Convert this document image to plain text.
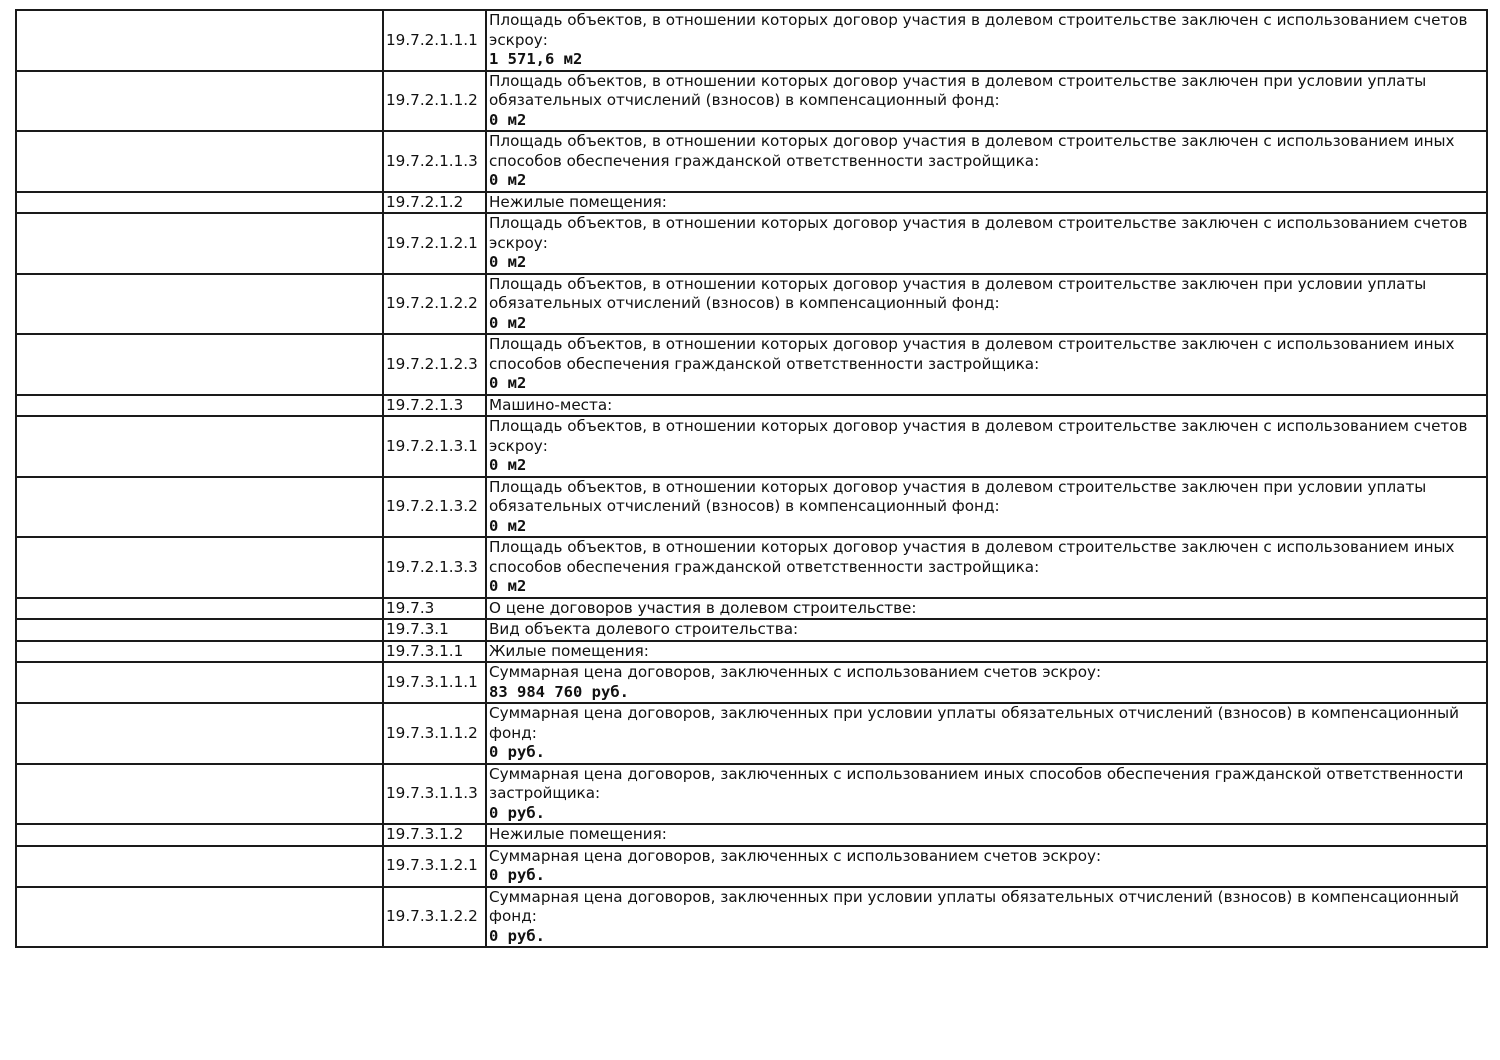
	19.7.2.1.1.1	Площадь объектов, в отношении которых договор участия в долевом строительстве заключен с использованием счетов эскроу:
1 571,6 м2

	19.7.2.1.1.2	Площадь объектов, в отношении которых договор участия в долевом строительстве заключен при условии уплаты обязательных отчислений (взносов) в компенсационный фонд:
0 м2

	19.7.2.1.1.3	Площадь объектов, в отношении которых договор участия в долевом строительстве заключен с использованием иных способов обеспечения гражданской ответственности застройщика:
0 м2

	19.7.2.1.2	Нежилые помещения:

	19.7.2.1.2.1	Площадь объектов, в отношении которых договор участия в долевом строительстве заключен с использованием счетов эскроу:
0 м2

	19.7.2.1.2.2	Площадь объектов, в отношении которых договор участия в долевом строительстве заключен при условии уплаты обязательных отчислений (взносов) в компенсационный фонд:
0 м2

	19.7.2.1.2.3	Площадь объектов, в отношении которых договор участия в долевом строительстве заключен с использованием иных способов обеспечения гражданской ответственности застройщика:
0 м2

	19.7.2.1.3	Машино-места:

	19.7.2.1.3.1	Площадь объектов, в отношении которых договор участия в долевом строительстве заключен с использованием счетов эскроу:
0 м2

	19.7.2.1.3.2	Площадь объектов, в отношении которых договор участия в долевом строительстве заключен при условии уплаты обязательных отчислений (взносов) в компенсационный фонд:
0 м2

	19.7.2.1.3.3	Площадь объектов, в отношении которых договор участия в долевом строительстве заключен с использованием иных способов обеспечения гражданской ответственности застройщика:
0 м2

	19.7.3	О цене договоров участия в долевом строительстве:

	19.7.3.1	Вид объекта долевого строительства:

	19.7.3.1.1	Жилые помещения:

	19.7.3.1.1.1	Суммарная цена договоров, заключенных с использованием счетов эскроу:
83 984 760 руб.

	19.7.3.1.1.2	Суммарная цена договоров, заключенных при условии уплаты обязательных отчислений (взносов) в компенсационный фонд:
0 руб.

	19.7.3.1.1.3	Суммарная цена договоров, заключенных с использованием иных способов обеспечения гражданской ответственности застройщика:
0 руб.

	19.7.3.1.2	Нежилые помещения:

	19.7.3.1.2.1	Суммарная цена договоров, заключенных с использованием счетов эскроу:
0 руб.

	19.7.3.1.2.2	Суммарная цена договоров, заключенных при условии уплаты обязательных отчислений (взносов) в компенсационный фонд:
0 руб.
